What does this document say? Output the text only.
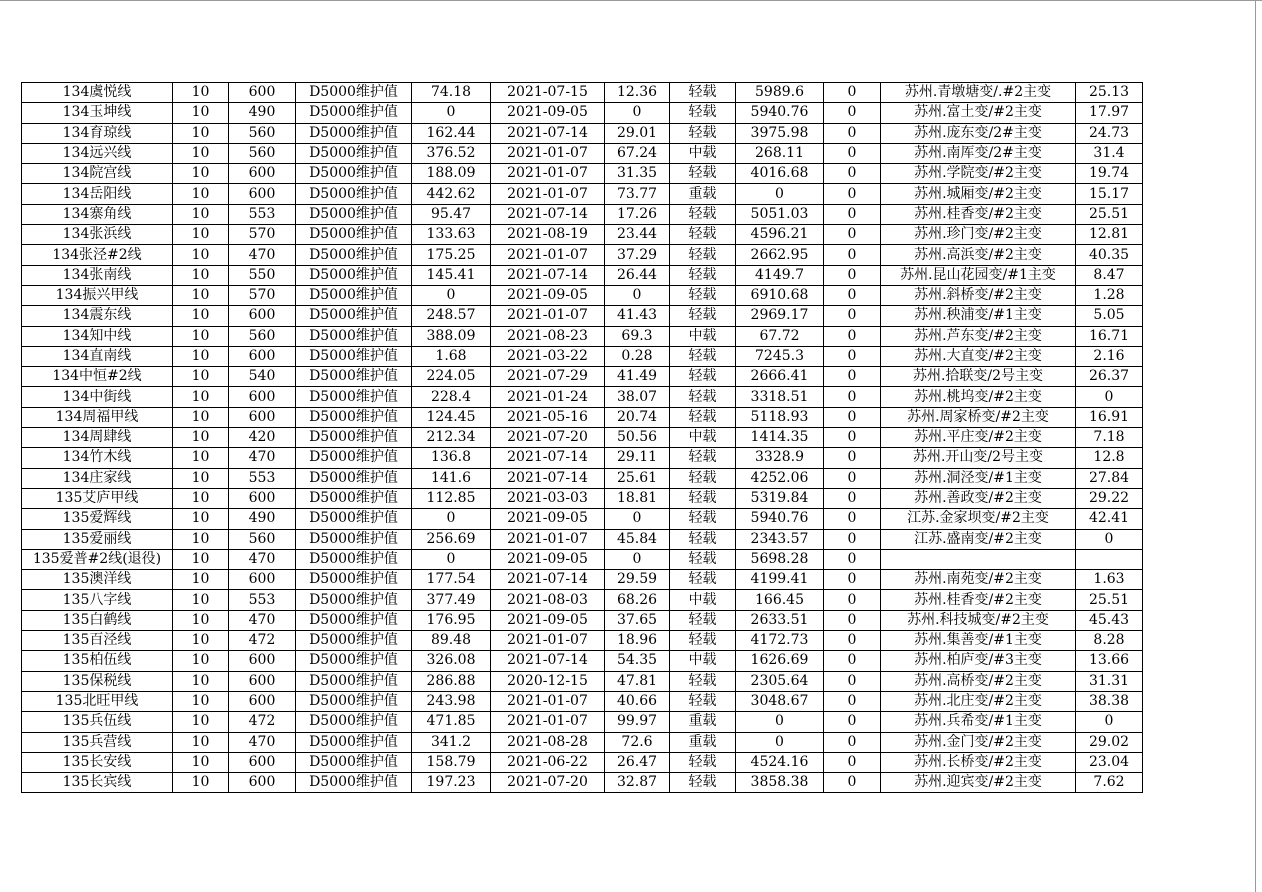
134虞悦线	10	600	D5000维护值	74.18	2021-07-15	12.36	轻载	5989.6	0	苏州.青墩塘变/.#2主变	25.13
134玉坤线	10	490	D5000维护值	0	2021-09-05	0	轻载	5940.76	0	苏州.富土变/#2主变	17.97
134育琼线	10	560	D5000维护值	162.44	2021-07-14	29.01	轻载	3975.98	0	苏州.庞东变/2#主变	24.73
134远兴线	10	560	D5000维护值	376.52	2021-01-07	67.24	中载	268.11	0	苏州.南厍变/2#主变	31.4
134院宫线	10	600	D5000维护值	188.09	2021-01-07	31.35	轻载	4016.68	0	苏州.学院变/#2主变	19.74
134岳阳线	10	600	D5000维护值	442.62	2021-01-07	73.77	重载	0	0	苏州.城厢变/#2主变	15.17
134寨角线	10	553	D5000维护值	95.47	2021-07-14	17.26	轻载	5051.03	0	苏州.桂香变/#2主变	25.51
134张浜线	10	570	D5000维护值	133.63	2021-08-19	23.44	轻载	4596.21	0	苏州.珍门变/#2主变	12.81
134张泾#2线	10	470	D5000维护值	175.25	2021-01-07	37.29	轻载	2662.95	0	苏州.高浜变/#2主变	40.35
134张南线	10	550	D5000维护值	145.41	2021-07-14	26.44	轻载	4149.7	0	苏州.昆山花园变/#1主变	8.47
134振兴甲线	10	570	D5000维护值	0	2021-09-05	0	轻载	6910.68	0	苏州.斜桥变/#2主变	1.28
134震东线	10	600	D5000维护值	248.57	2021-01-07	41.43	轻载	2969.17	0	苏州.秧浦变/#1主变	5.05
134知中线	10	560	D5000维护值	388.09	2021-08-23	69.3	中载	67.72	0	苏州.芦东变/#2主变	16.71
134直南线	10	600	D5000维护值	1.68	2021-03-22	0.28	轻载	7245.3	0	苏州.大直变/#2主变	2.16
134中恒#2线	10	540	D5000维护值	224.05	2021-07-29	41.49	轻载	2666.41	0	苏州.拾联变/2号主变	26.37
134中街线	10	600	D5000维护值	228.4	2021-01-24	38.07	轻载	3318.51	0	苏州.桃坞变/#2主变	0
134周福甲线	10	600	D5000维护值	124.45	2021-05-16	20.74	轻载	5118.93	0	苏州.周家桥变/#2主变	16.91
134周肆线	10	420	D5000维护值	212.34	2021-07-20	50.56	中载	1414.35	0	苏州.平庄变/#2主变	7.18
134竹木线	10	470	D5000维护值	136.8	2021-07-14	29.11	轻载	3328.9	0	苏州.开山变/2号主变	12.8
134庄家线	10	553	D5000维护值	141.6	2021-07-14	25.61	轻载	4252.06	0	苏州.洞泾变/#1主变	27.84
135艾庐甲线	10	600	D5000维护值	112.85	2021-03-03	18.81	轻载	5319.84	0	苏州.善政变/#2主变	29.22
135爱辉线	10	490	D5000维护值	0	2021-09-05	0	轻载	5940.76	0	江苏.金家坝变/#2主变	42.41
135爱丽线	10	560	D5000维护值	256.69	2021-01-07	45.84	轻载	2343.57	0	江苏.盛南变/#2主变	0
135爱普#2线(退役)	10	470	D5000维护值	0	2021-09-05	0	轻载	5698.28	0		
135澳洋线	10	600	D5000维护值	177.54	2021-07-14	29.59	轻载	4199.41	0	苏州.南苑变/#2主变	1.63
135八字线	10	553	D5000维护值	377.49	2021-08-03	68.26	中载	166.45	0	苏州.桂香变/#2主变	25.51
135白鹤线	10	470	D5000维护值	176.95	2021-09-05	37.65	轻载	2633.51	0	苏州.科技城变/#2主变	45.43
135百泾线	10	472	D5000维护值	89.48	2021-01-07	18.96	轻载	4172.73	0	苏州.集善变/#1主变	8.28
135柏伍线	10	600	D5000维护值	326.08	2021-07-14	54.35	中载	1626.69	0	苏州.柏庐变/#3主变	13.66
135保税线	10	600	D5000维护值	286.88	2020-12-15	47.81	轻载	2305.64	0	苏州.高桥变/#2主变	31.31
135北旺甲线	10	600	D5000维护值	243.98	2021-01-07	40.66	轻载	3048.67	0	苏州.北庄变/#2主变	38.38
135兵伍线	10	472	D5000维护值	471.85	2021-01-07	99.97	重载	0	0	苏州.兵希变/#1主变	0
135兵营线	10	470	D5000维护值	341.2	2021-08-28	72.6	重载	0	0	苏州.金门变/#2主变	29.02
135长安线	10	600	D5000维护值	158.79	2021-06-22	26.47	轻载	4524.16	0	苏州.长桥变/#2主变	23.04
135长宾线	10	600	D5000维护值	197.23	2021-07-20	32.87	轻载	3858.38	0	苏州.迎宾变/#2主变	7.62
